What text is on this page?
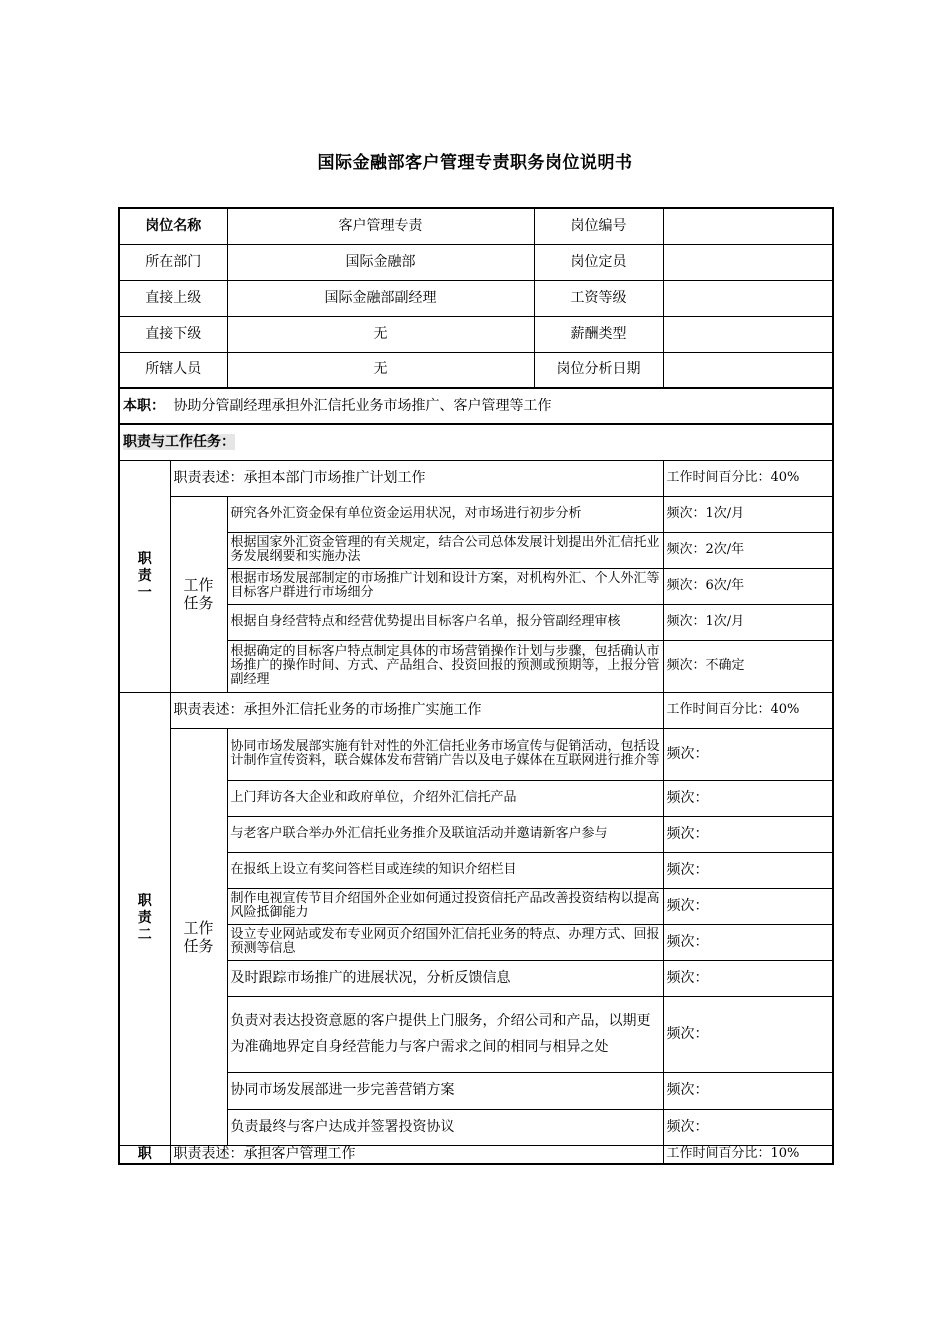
国际金融部客户管理专责职务岗位说明书
岗位名称		客户管理专责	岗位编号	
所在部门		国际金融部	岗位定员	
直接上级		国际金融部副经理	工资等级	
直接下级		无	薪酬类型	
所辖人员		无	岗位分析日期	
本职： 协助分管副经理承担外汇信托业务市场推广、客户管理等工作				
职责与工作任务：				

职
责
一	职责表述：承担本部门市场推广计划工作			工作时间百分比：40%

	工作
任务	研究各外汇资金保有单位资金运用状况，对市场进行初步分析		频次：1次/月
		根据国家外汇资金管理的有关规定，结合公司总体发展计划提出外汇信托业务发展纲要和实施办法		频次：2次/年
		根据市场发展部制定的市场推广计划和设计方案，对机构外汇、个人外汇等目标客户群进行市场细分		频次：6次/年
		根据自身经营特点和经营优势提出目标客户名单，报分管副经理审核		频次：1次/月
		根据确定的目标客户特点制定具体的市场营销操作计划与步骤，包括确认市场推广的操作时间、方式、产品组合、投资回报的预测或预期等，上报分管副经理		频次：不确定

职
责
二	职责表述：承担外汇信托业务的市场推广实施工作			工作时间百分比：40%

	工作
任务	协同市场发展部实施有针对性的外汇信托业务市场宣传与促销活动，包括设计制作宣传资料，联合媒体发布营销广告以及电子媒体在互联网进行推介等		频次：
		上门拜访各大企业和政府单位，介绍外汇信托产品		频次：
		与老客户联合举办外汇信托业务推介及联谊活动并邀请新客户参与		频次：
		在报纸上设立有奖问答栏目或连续的知识介绍栏目		频次：
		制作电视宣传节目介绍国外企业如何通过投资信托产品改善投资结构以提高风险抵御能力		频次：
		设立专业网站或发布专业网页介绍国外汇信托业务的特点、办理方式、回报预测等信息		频次：
		及时跟踪市场推广的进展状况，分析反馈信息		频次：
		负责对表达投资意愿的客户提供上门服务，介绍公司和产品，以期更为准确地界定自身经营能力与客户需求之间的相同与相异之处		频次：
		协同市场发展部进一步完善营销方案		频次：
		负责最终与客户达成并签署投资协议		频次：

职	职责表述：承担客户管理工作			工作时间百分比：10%
